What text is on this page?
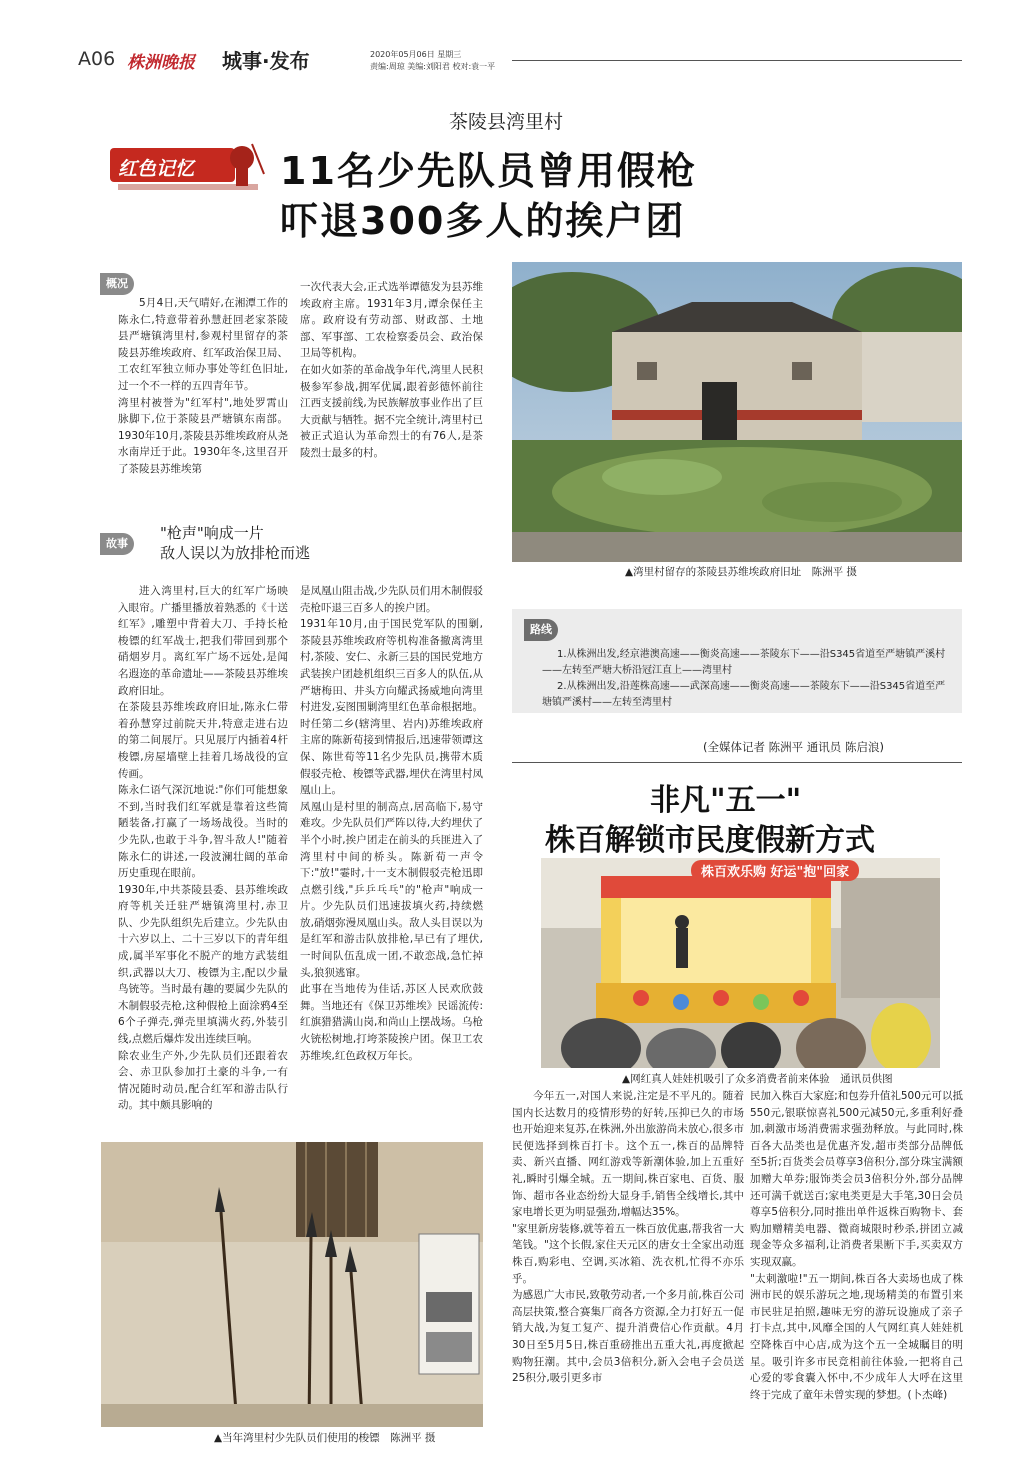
A06 株洲晚报 城事·发布	2020年05月06日 星期三
责编:周琼 美编:刘阳君 校对:袁一平
茶陵县湾里村
红色记忆 11名少先队员曾用假枪
吓退300多人的挨户团
概况
5月4日,天气晴好,在湘潭工作的陈永仁,特意带着孙慧赶回老家茶陵县严塘镇湾里村,参观村里留存的茶陵县苏维埃政府、红军政治保卫局、工农红军独立师办事处等红色旧址,过一个不一样的五四青年节。
湾里村被誉为"红军村",地处罗霄山脉脚下,位于茶陵县严塘镇东南部。1930年10月,茶陵县苏维埃政府从尧水南岸迁于此。1930年冬,这里召开了茶陵县苏维埃第
一次代表大会,正式选举谭德发为县苏维埃政府主席。1931年3月,谭余保任主席。政府设有劳动部、财政部、土地部、军事部、工农检察委员会、政治保卫局等机构。
在如火如荼的革命战争年代,湾里人民积极参军参战,拥军优属,跟着彭德怀前往江西支援前线,为民族解放事业作出了巨大贡献与牺牲。据不完全统计,湾里村已被正式追认为革命烈士的有76人,是茶陵烈士最多的村。
▲湾里村留存的茶陵县苏维埃政府旧址　陈洲平 摄
故事
"枪声"响成一片
敌人误以为放排枪而逃
进入湾里村,巨大的红军广场映入眼帘。广播里播放着熟悉的《十送红军》,雕塑中背着大刀、手持长枪梭镖的红军战士,把我们带回到那个硝烟岁月。离红军广场不远处,是闻名遐迩的革命遗址——茶陵县苏维埃政府旧址。
在茶陵县苏维埃政府旧址,陈永仁带着孙慧穿过前院天井,特意走进右边的第二间展厅。只见展厅内插着4杆梭镖,房屋墙壁上挂着几场战役的宣传画。
陈永仁语气深沉地说:"你们可能想象不到,当时我们红军就是靠着这些简陋装备,打赢了一场场战役。当时的少先队,也敢于斗争,智斗敌人!"随着陈永仁的讲述,一段波澜壮阔的革命历史重现在眼前。
1930年,中共茶陵县委、县苏维埃政府等机关迁驻严塘镇湾里村,赤卫队、少先队组织先后建立。少先队由十六岁以上、二十三岁以下的青年组成,属半军事化不脱产的地方武装组织,武器以大刀、梭镖为主,配以少量鸟铳等。当时最有趣的要属少先队的木制假驳壳枪,这种假枪上面涂鸦4至6个子弹壳,弹壳里填满火药,外装引线,点燃后爆炸发出连续巨响。
除农业生产外,少先队员们还跟着农会、赤卫队参加打土豪的斗争,一有情况随时动员,配合红军和游击队行动。其中颇具影响的
是凤凰山阻击战,少先队员们用木制假驳壳枪吓退三百多人的挨户团。
1931年10月,由于国民党军队的围剿,茶陵县苏维埃政府等机构准备撤离湾里村,茶陵、安仁、永新三县的国民党地方武装挨户团趁机组织三百多人的队伍,从严塘梅田、井头方向耀武扬威地向湾里村进发,妄图围剿湾里红色革命根据地。时任第二乡(辖湾里、岩内)苏维埃政府主席的陈新荀接到情报后,迅速带领谭这保、陈世荀等11名少先队员,携带木质假驳壳枪、梭镖等武器,埋伏在湾里村凤凰山上。
凤凰山是村里的制高点,居高临下,易守难攻。少先队员们严阵以待,大约埋伏了半个小时,挨户团走在前头的兵匪进入了湾里村中间的桥头。陈新荀一声令下:"放!"霎时,十一支木制假驳壳枪迅即点燃引线,"乒乒乓乓"的"枪声"响成一片。少先队员们迅速拔填火药,持续燃放,硝烟弥漫凤凰山头。敌人头目误以为是红军和游击队放排枪,早已有了埋伏,一时间队伍乱成一团,不敢恋战,急忙掉头,狼狈逃窜。
此事在当地传为佳话,苏区人民欢欣鼓舞。当地还有《保卫苏维埃》民谣流传:红旗猎猎满山岗,和尚山上摆战场。乌枪火铳松树地,打垮茶陵挨户团。保卫工农苏维埃,红色政权万年长。
路线
1.从株洲出发,经京港澳高速——衡炎高速——茶陵东下——沿S345省道至严塘镇严溪村——左转至严塘大桥沿冠江直上——湾里村
2.从株洲出发,沿莲株高速——武深高速——衡炎高速——茶陵东下——沿S345省道至严塘镇严溪村——左转至湾里村
(全媒体记者 陈洲平 通讯员 陈启浪)
非凡"五一"
株百解锁市民度假新方式
株百欢乐购 好运"抱"回家
▲网红真人娃娃机吸引了众多消费者前来体验　通讯员供图
今年五一,对国人来说,注定是不平凡的。随着国内长达数月的疫情形势的好转,压抑已久的市场也开始迎来复苏,在株洲,外出旅游尚未放心,很多市民便选择到株百打卡。这个五一,株百的品牌特卖、新兴直播、网红游戏等新潮体验,加上五重好礼,瞬时引爆全城。五一期间,株百家电、百货、服饰、超市各业态纷纷大显身手,销售全线增长,其中家电增长更为明显强劲,增幅达35%。
"家里新房装修,就等着五一株百放优惠,帮我省一大笔钱。"这个长假,家住天元区的唐女士全家出动逛株百,购彩电、空调,买冰箱、洗衣机,忙得不亦乐乎。
为感恩广大市民,致敬劳动者,一个多月前,株百公司高层抉策,整合赛集厂商各方资源,全力打好五一促销大战,为复工复产、提升消费信心作贡献。4月30日至5月5日,株百重磅推出五重大礼,再度掀起购物狂潮。其中,会员3倍积分,新入会电子会员送25积分,吸引更多市
民加入株百大家庭;和包券升值礼500元可以抵550元,银联惊喜礼500元减50元,多重利好叠加,刺激市场消费需求强劲释放。与此同时,株百各大品类也是优惠齐发,超市类部分品牌低至5折;百货类会员尊享3倍积分,部分珠宝满额加赠大单券;服饰类会员3倍积分外,部分品牌还可满千就送百;家电类更是大手笔,30日会员尊享5倍积分,同时推出单件返株百购物卡、套购加赠精美电器、微商城限时秒杀,拼团立减现金等众多福利,让消费者果断下手,买卖双方实现双赢。
"太刺激啦!"五一期间,株百各大卖场也成了株洲市民的娱乐游玩之地,现场精美的布置引来市民驻足拍照,趣味无穷的游玩设施成了亲子打卡点,其中,风靡全国的人气网红真人娃娃机空降株百中心店,成为这个五一全城瞩目的明星。吸引许多市民竞相前往体验,一把将自己心爱的零食囊入怀中,不少成年人大呼在这里终于完成了童年未曾实现的梦想。(卜杰峰)
▲当年湾里村少先队员们使用的梭镖　陈洲平 摄
